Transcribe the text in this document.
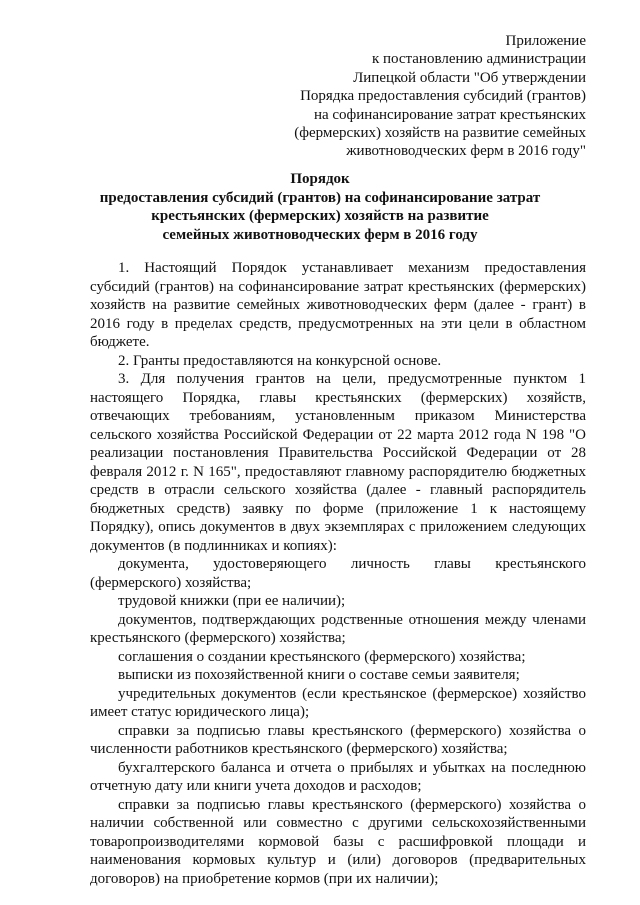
Приложение
к постановлению администрации
Липецкой области "Об утверждении
Порядка предоставления субсидий (грантов)
на софинансирование затрат крестьянских
(фермерских) хозяйств на развитие семейных
животноводческих ферм в 2016 году"
Порядок
предоставления субсидий (грантов) на софинансирование затрат
крестьянских (фермерских) хозяйств на развитие
семейных животноводческих ферм в 2016 году

1. Настоящий Порядок устанавливает механизм предоставления субсидий (грантов) на софинансирование затрат крестьянских (фермерских) хозяйств на развитие семейных животноводческих ферм (далее - грант) в 2016 году в пределах средств, предусмотренных на эти цели в областном бюджете.

2. Гранты предоставляются на конкурсной основе.

3. Для получения грантов на цели, предусмотренные пунктом 1 настоящего Порядка, главы крестьянских (фермерских) хозяйств, отвечающих требованиям, установленным приказом Министерства сельского хозяйства Российской Федерации от 22 марта 2012 года N 198 "О реализации постановления Правительства Российской Федерации от 28 февраля 2012 г. N 165", предоставляют главному распорядителю бюджетных средств в отрасли сельского хозяйства (далее - главный распорядитель бюджетных средств) заявку по форме (приложение 1 к настоящему Порядку), опись документов в двух экземплярах с приложением следующих документов (в подлинниках и копиях):

документа, удостоверяющего личность главы крестьянского (фермерского) хозяйства;

трудовой книжки (при ее наличии);

документов, подтверждающих родственные отношения между членами крестьянского (фермерского) хозяйства;

соглашения о создании крестьянского (фермерского) хозяйства;

выписки из похозяйственной книги о составе семьи заявителя;

учредительных документов (если крестьянское (фермерское) хозяйство имеет статус юридического лица);

справки за подписью главы крестьянского (фермерского) хозяйства о численности работников крестьянского (фермерского) хозяйства;

бухгалтерского баланса и отчета о прибылях и убытках на последнюю отчетную дату или книги учета доходов и расходов;

справки за подписью главы крестьянского (фермерского) хозяйства о наличии собственной или совместно с другими сельскохозяйственными товаропроизводителями кормовой базы с расшифровкой площади и наименования кормовых культур и (или) договоров (предварительных договоров) на приобретение кормов (при их наличии);
